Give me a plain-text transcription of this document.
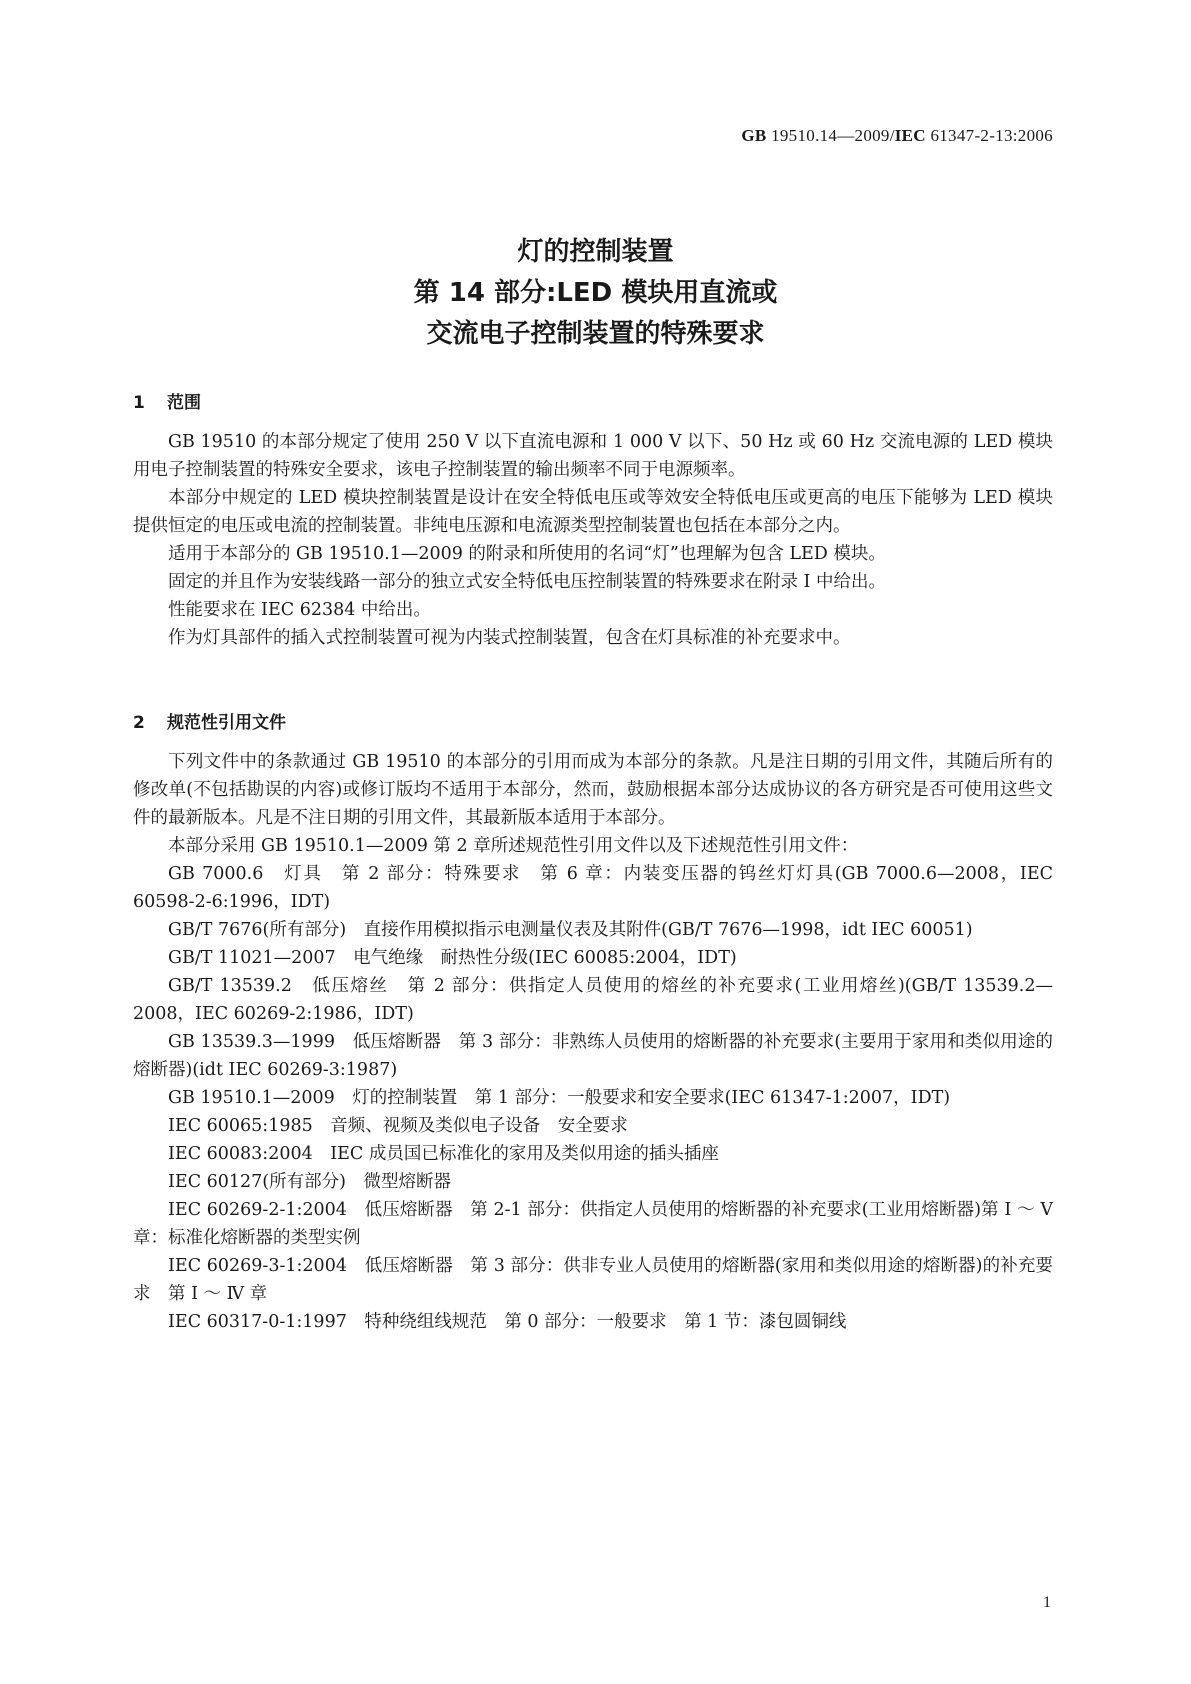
GB 19510.14—2009/IEC 61347-2-13:2006
灯的控制装置
第 14 部分:LED 模块用直流或
交流电子控制装置的特殊要求
1 范围

GB 19510 的本部分规定了使用 250 V 以下直流电源和 1 000 V 以下、50 Hz 或 60 Hz 交流电源的 LED 模块用电子控制装置的特殊安全要求，该电子控制装置的输出频率不同于电源频率。

本部分中规定的 LED 模块控制装置是设计在安全特低电压或等效安全特低电压或更高的电压下能够为 LED 模块提供恒定的电压或电流的控制装置。非纯电压源和电流源类型控制装置也包括在本部分之内。

适用于本部分的 GB 19510.1—2009 的附录和所使用的名词“灯”也理解为包含 LED 模块。

固定的并且作为安装线路一部分的独立式安全特低电压控制装置的特殊要求在附录 I 中给出。

性能要求在 IEC 62384 中给出。

作为灯具部件的插入式控制装置可视为内装式控制装置，包含在灯具标准的补充要求中。

2 规范性引用文件

下列文件中的条款通过 GB 19510 的本部分的引用而成为本部分的条款。凡是注日期的引用文件，其随后所有的修改单(不包括勘误的内容)或修订版均不适用于本部分，然而，鼓励根据本部分达成协议的各方研究是否可使用这些文件的最新版本。凡是不注日期的引用文件，其最新版本适用于本部分。

本部分采用 GB 19510.1—2009 第 2 章所述规范性引用文件以及下述规范性引用文件：

GB 7000.6　灯具　第 2 部分：特殊要求　第 6 章：内装变压器的钨丝灯灯具(GB 7000.6—2008，IEC 60598-2-6:1996，IDT)

GB/T 7676(所有部分)　直接作用模拟指示电测量仪表及其附件(GB/T 7676—1998，idt IEC 60051)

GB/T 11021—2007　电气绝缘　耐热性分级(IEC 60085:2004，IDT)

GB/T 13539.2　低压熔丝　第 2 部分：供指定人员使用的熔丝的补充要求(工业用熔丝)(GB/T 13539.2—2008，IEC 60269-2:1986，IDT)

GB 13539.3—1999　低压熔断器　第 3 部分：非熟练人员使用的熔断器的补充要求(主要用于家用和类似用途的熔断器)(idt IEC 60269-3:1987)

GB 19510.1—2009　灯的控制装置　第 1 部分：一般要求和安全要求(IEC 61347-1:2007，IDT)

IEC 60065:1985　音频、视频及类似电子设备　安全要求

IEC 60083:2004　IEC 成员国已标准化的家用及类似用途的插头插座

IEC 60127(所有部分)　微型熔断器

IEC 60269-2-1:2004　低压熔断器　第 2-1 部分：供指定人员使用的熔断器的补充要求(工业用熔断器)第 Ⅰ ～ Ⅴ 章：标准化熔断器的类型实例

IEC 60269-3-1:2004　低压熔断器　第 3 部分：供非专业人员使用的熔断器(家用和类似用途的熔断器)的补充要求　第 Ⅰ ～ Ⅳ 章

IEC 60317-0-1:1997　特种绕组线规范　第 0 部分：一般要求　第 1 节：漆包圆铜线

1
